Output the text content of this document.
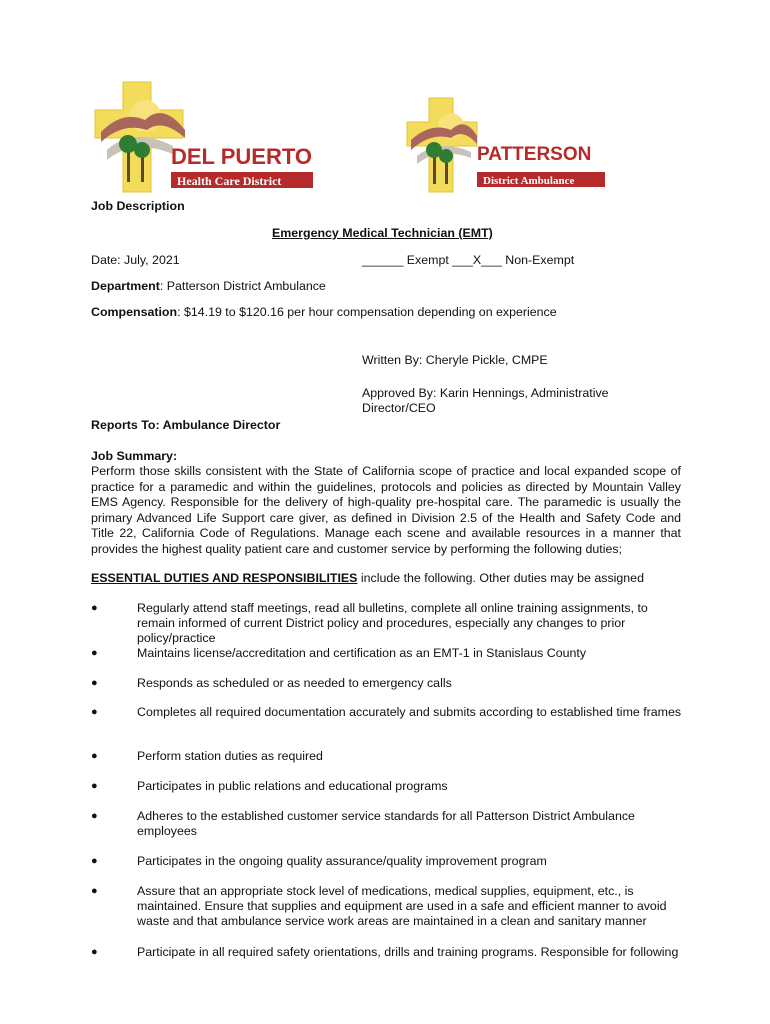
DEL PUERTO
Health Care District
PATTERSON
District Ambulance
Job Description
Emergency Medical Technician (EMT)
Date: July, 2021	______ Exempt ___X___ Non-Exempt
Department: Patterson District Ambulance
Compensation: $14.19 to $120.16 per hour compensation depending on experience
Written By: Cheryle Pickle, CMPE
Approved By: Karin Hennings, Administrative
Director/CEO
Reports To: Ambulance Director
Job Summary:
Perform those skills consistent with the State of California scope of practice and local expanded scope of practice for a paramedic and within the guidelines, protocols and policies as directed by Mountain Valley EMS Agency. Responsible for the delivery of high-quality pre-hospital care. The paramedic is usually the primary Advanced Life Support care giver, as defined in Division 2.5 of the Health and Safety Code and Title 22, California Code of Regulations. Manage each scene and available resources in a manner that provides the highest quality patient care and customer service by performing the following duties;
ESSENTIAL DUTIES AND RESPONSIBILITIES include the following. Other duties may be assigned
●	Regularly attend staff meetings, read all bulletins, complete all online training assignments, to remain informed of current District policy and procedures, especially any changes to prior policy/practice
●	Maintains license/accreditation and certification as an EMT-1 in Stanislaus County
●	Responds as scheduled or as needed to emergency calls
●	Completes all required documentation accurately and submits according to established time frames
●	Perform station duties as required
●	Participates in public relations and educational programs
●	Adheres to the established customer service standards for all Patterson District Ambulance employees
●	Participates in the ongoing quality assurance/quality improvement program
●	Assure that an appropriate stock level of medications, medical supplies, equipment, etc., is maintained. Ensure that supplies and equipment are used in a safe and efficient manner to avoid waste and that ambulance service work areas are maintained in a clean and sanitary manner
●	Participate in all required safety orientations, drills and training programs. Responsible for following
